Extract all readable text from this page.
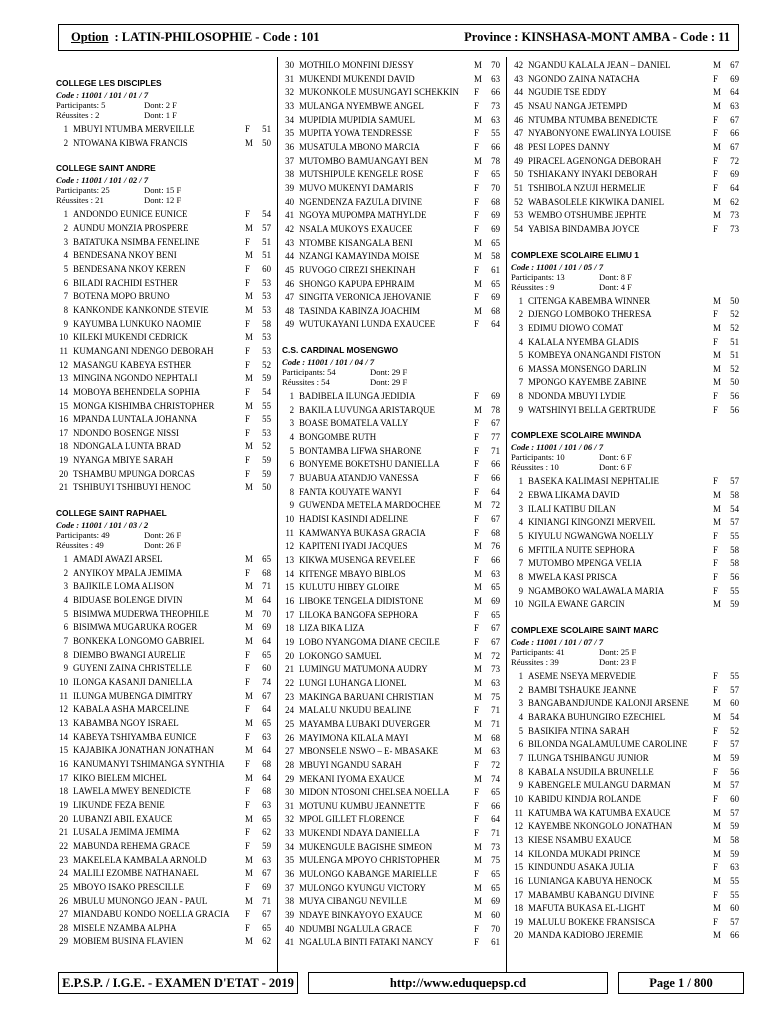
Option : LATIN-PHILOSOPHIE - Code : 101	Province : KINSHASA-MONT AMBA - Code : 11
COLLEGE LES DISCIPLES
Code : 11001 / 101 / 01 / 7
Participants: 5	Dont: 2 F
Réussites : 2	Dont: 1 F
1 MBUYI NTUMBA MERVEILLE	F	51
2 NTOWANA KIBWA FRANCIS	M	50
COLLEGE SAINT ANDRE
Code : 11001 / 101 / 02 / 7
Participants: 25	Dont: 15 F
Réussites : 21	Dont: 12 F
1 ANDONDO EUNICE EUNICE	F	54
2 AUNDU MONZIA PROSPERE	M	57
3 BATATUKA NSIMBA FENELINE	F	51
4 BENDESANA NKOY BENI	M	51
5 BENDESANA NKOY KEREN	F	60
6 BILADI RACHIDI ESTHER	F	53
7 BOTENA MOPO BRUNO	M	53
8 KANKONDE KANKONDE STEVIE	M	53
9 KAYUMBA LUNKUKO NAOMIE	F	58
10 KILEKI MUKENDI CEDRICK	M	53
11 KUMANGANI NDENGO DEBORAH	F	53
12 MASANGU KABEYA ESTHER	F	52
13 MINGINA NGONDO NEPHTALI	M	59
14 MOBOYA BEHENDELA SOPHIA	F	54
15 MONGA KISHIMBA CHRISTOPHER	M	55
16 MPANDA LUNTALA JOHANNA	F	55
17 NDONDO BOSENGE NISSI	F	53
18 NDONGALA LUNTA BRAD	M	52
19 NYANGA MBIYE SARAH	F	59
20 TSHAMBU MPUNGA DORCAS	F	59
21 TSHIBUYI TSHIBUYI HENOC	M	50
COLLEGE SAINT RAPHAEL
Code : 11001 / 101 / 03 / 2
Participants: 49	Dont: 26 F
Réussites : 49	Dont: 26 F
1 AMADI AWAZI ARSEL	M	65
2 ANYIKOY MPALA JEMIMA	F	68
3 BAJIKILE LOMA ALISON	M	71
4 BIDUASE BOLENGE DIVIN	M	64
5 BISIMWA MUDERWA THEOPHILE	M	70
6 BISIMWA MUGARUKA ROGER	M	69
7 BONKEKA LONGOMO GABRIEL	M	64
8 DIEMBO BWANGI AURELIE	F	65
9 GUYENI ZAINA CHRISTELLE	F	60
10 ILONGA KASANJI DANIELLA	F	74
11 ILUNGA MUBENGA DIMITRY	M	67
12 KABALA ASHA MARCELINE	F	64
13 KABAMBA NGOY ISRAEL	M	65
14 KABEYA TSHIYAMBA EUNICE	F	63
15 KAJABIKA JONATHAN JONATHAN	M	64
16 KANUMANYI TSHIMANGA SYNTHIA	F	68
17 KIKO BIELEM MICHEL	M	64
18 LAWELA MWEY BENEDICTE	F	68
19 LIKUNDE FEZA BENIE	F	63
20 LUBANZI ABIL EXAUCE	M	65
21 LUSALA JEMIMA JEMIMA	F	62
22 MABUNDA REHEMA GRACE	F	59
23 MAKELELA KAMBALA ARNOLD	M	63
24 MALILI EZOMBE NATHANAEL	M	67
25 MBOYO ISAKO PRESCILLE	F	69
26 MBULU MUNONGO JEAN - PAUL	M	71
27 MIANDABU KONDO NOELLA GRACIA	F	67
28 MISELE NZAMBA ALPHA	F	65
29 MOBIEM BUSINA FLAVIEN	M	62
30 MOTHILO MONFINI DJESSY	M	70
31 MUKENDI MUKENDI DAVID	M	63
32 MUKONKOLE MUSUNGAYI SCHEKKIN	F	66
33 MULANGA NYEMBWE ANGEL	F	73
34 MUPIDIA MUPIDIA SAMUEL	M	63
35 MUPITA YOWA TENDRESSE	F	55
36 MUSATULA MBONO MARCIA	F	66
37 MUTOMBO BAMUANGAYI BEN	M	78
38 MUTSHIPULE KENGELE ROSE	F	65
39 MUVO MUKENYI DAMARIS	F	70
40 NGENDENZA FAZULA DIVINE	F	68
41 NGOYA MUPOMPA MATHYLDE	F	69
42 NSALA MUKOYS EXAUCEE	F	69
43 NTOMBE KISANGALA BENI	M	65
44 NZANGI KAMAYINDA MOISE	M	58
45 RUVOGO CIREZI SHEKINAH	F	61
46 SHONGO KAPUPA EPHRAIM	M	65
47 SINGITA VERONICA JEHOVANIE	F	69
48 TASINDA KABINZA JOACHIM	M	68
49 WUTUKAYANI LUNDA EXAUCEE	F	64
C.S. CARDINAL MOSENGWO
Code : 11001 / 101 / 04 / 7
Participants: 54	Dont: 29 F
Réussites : 54	Dont: 29 F
1 BADIBELA ILUNGA JEDIDIA	F	69
2 BAKILA LUVUNGA ARISTARQUE	M	78
3 BOASE BOMATELA VALLY	F	67
4 BONGOMBE RUTH	F	77
5 BONTAMBA LIFWA SHARONE	F	71
6 BONYEME BOKETSHU DANIELLA	F	66
7 BUABUA ATANDJO VANESSA	F	66
8 FANTA KOUYATE WANYI	F	64
9 GUWENDA METELA MARDOCHEE	M	72
10 HADISI KASINDI ADELINE	F	67
11 KAMWANYA BUKASA GRACIA	F	68
12 KAPITENI IYADI JACQUES	M	76
13 KIKWA MUSENGA REVELEE	F	66
14 KITENGE MBAYO BIBLOS	M	63
15 KULUTU HIBEY GLOIRE	M	65
16 LIBOKE TENGELA DIDISTONE	M	69
17 LILOKA BANGOFA SEPHORA	F	65
18 LIZA BIKA LIZA	F	67
19 LOBO NYANGOMA DIANE CECILE	F	67
20 LOKONGO SAMUEL	M	72
21 LUMINGU MATUMONA AUDRY	M	73
22 LUNGI LUHANGA LIONEL	M	63
23 MAKINGA BARUANI CHRISTIAN	M	75
24 MALALU NKUDU BEALINE	F	71
25 MAYAMBA LUBAKI DUVERGER	M	71
26 MAYIMONA KILALA MAYI	M	68
27 MBONSELE NSWO – E- MBASAKE	M	63
28 MBUYI NGANDU SARAH	F	72
29 MEKANI IYOMA EXAUCE	M	74
30 MIDON NTOSONI CHELSEA NOELLA	F	65
31 MOTUNU KUMBU JEANNETTE	F	66
32 MPOL GILLET FLORENCE	F	64
33 MUKENDI NDAYA DANIELLA	F	71
34 MUKENGULE BAGISHE SIMEON	M	73
35 MULENGA MPOYO CHRISTOPHER	M	75
36 MULONGO KABANGE MARIELLE	F	65
37 MULONGO KYUNGU VICTORY	M	65
38 MUYA CIBANGU NEVILLE	M	69
39 NDAYE BINKAYOYO EXAUCE	M	60
40 NDUMBI NGALULA GRACE	F	70
41 NGALULA BINTI FATAKI NANCY	F	61
42 NGANDU KALALA JEAN – DANIEL	M	67
43 NGONDO ZAINA NATACHA	F	69
44 NGUDIE TSE EDDY	M	64
45 NSAU NANGA JETEMPD	M	63
46 NTUMBA NTUMBA BENEDICTE	F	67
47 NYABONYONE EWALINYA LOUISE	F	66
48 PESI LOPES DANNY	M	67
49 PIRACEL AGENONGA DEBORAH	F	72
50 TSHIAKANY INYAKI DEBORAH	F	69
51 TSHIBOLA NZUJI HERMELIE	F	64
52 WABASOLELE KIKWIKA DANIEL	M	62
53 WEMBO OTSHUMBE JEPHTE	M	73
54 YABISA BINDAMBA JOYCE	F	73
COMPLEXE SCOLAIRE ELIMU 1
Code : 11001 / 101 / 05 / 7
Participants: 13	Dont: 8 F
Réussites : 9	Dont: 4 F
1 CITENGA KABEMBA WINNER	M	50
2 DJENGO LOMBOKO THERESA	F	52
3 EDIMU DIOWO COMAT	M	52
4 KALALA NYEMBA GLADIS	F	51
5 KOMBEYA ONANGANDI FISTON	M	51
6 MASSA MONSENGO DARLIN	M	52
7 MPONGO KAYEMBE ZABINE	M	50
8 NDONDA MBUYI LYDIE	F	56
9 WATSHINYI BELLA GERTRUDE	F	56
COMPLEXE SCOLAIRE MWINDA
Code : 11001 / 101 / 06 / 7
Participants: 10	Dont: 6 F
Réussites : 10	Dont: 6 F
1 BASEKA KALIMASI NEPHTALIE	F	57
2 EBWA LIKAMA DAVID	M	58
3 ILALI KATIBU DILAN	M	54
4 KINIANGI KINGONZI MERVEIL	M	57
5 KIYULU NGWANGWA NOELLY	F	55
6 MFITILA NUITE SEPHORA	F	58
7 MUTOMBO MPENGA VELIA	F	58
8 MWELA KASI PRISCA	F	56
9 NGAMBOKO WALAWALA MARIA	F	55
10 NGILA EWANE GARCIN	M	59
COMPLEXE SCOLAIRE SAINT MARC
Code : 11001 / 101 / 07 / 7
Participants: 41	Dont: 25 F
Réussites : 39	Dont: 23 F
1 ASEME NSEYA MERVEDIE	F	55
2 BAMBI TSHAUKE JEANNE	F	57
3 BANGABANDJUNDE KALONJI ARSENE	M	60
4 BARAKA BUHUNGIRO EZECHIEL	M	54
5 BASIKIFA NTINA SARAH	F	52
6 BILONDA NGALAMULUME CAROLINE	F	57
7 ILUNGA TSHIBANGU JUNIOR	M	59
8 KABALA NSUDILA BRUNELLE	F	56
9 KABENGELE MULANGU DARMAN	M	57
10 KABIDU KINDJA ROLANDE	F	60
11 KATUMBA WA KATUMBA EXAUCE	M	57
12 KAYEMBE NKONGOLO JONATHAN	M	59
13 KIESE NSAMBU EXAUCE	M	58
14 KILONDA MUKADI PRINCE	M	59
15 KINDUNDU ASAKA JULIA	F	63
16 LUNIANGA KABUYA HENOCK	M	55
17 MABAMBU KABANGU DIVINE	F	55
18 MAFUTA BUKASA EL-LIGHT	M	60
19 MALULU BOKEKE FRANSISCA	F	57
20 MANDA KADIOBO JEREMIE	M	66
E.P.S.P. / I.G.E. - EXAMEN D'ETAT - 2019	http://www.eduquepsp.cd	Page 1 / 800
